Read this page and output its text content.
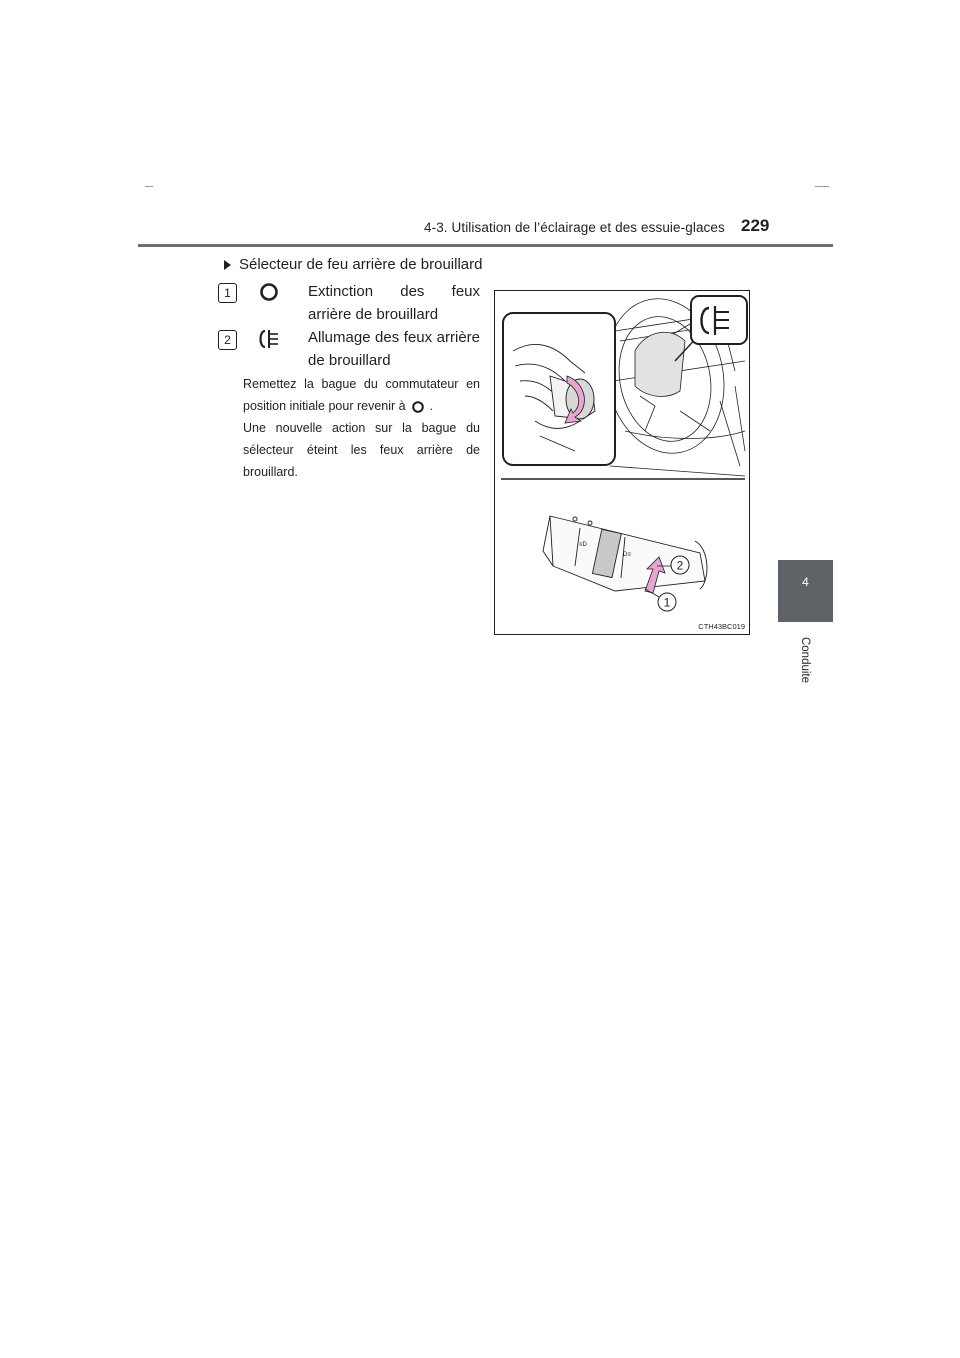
4-3. Utilisation de l’éclairage et des essuie-glaces 229
4
Conduite
Sélecteur de feu arrière de brouillard
1	Extinction des feux arrière de brouillard
2	Allumage des feux arrière de brouillard
Remettez la bague du commutateur en position initiale pour revenir à .
Une nouvelle action sur la bague du sélecteur éteint les feux arrière de brouillard.
≡D
D≡
2
1
CTH43BC019
